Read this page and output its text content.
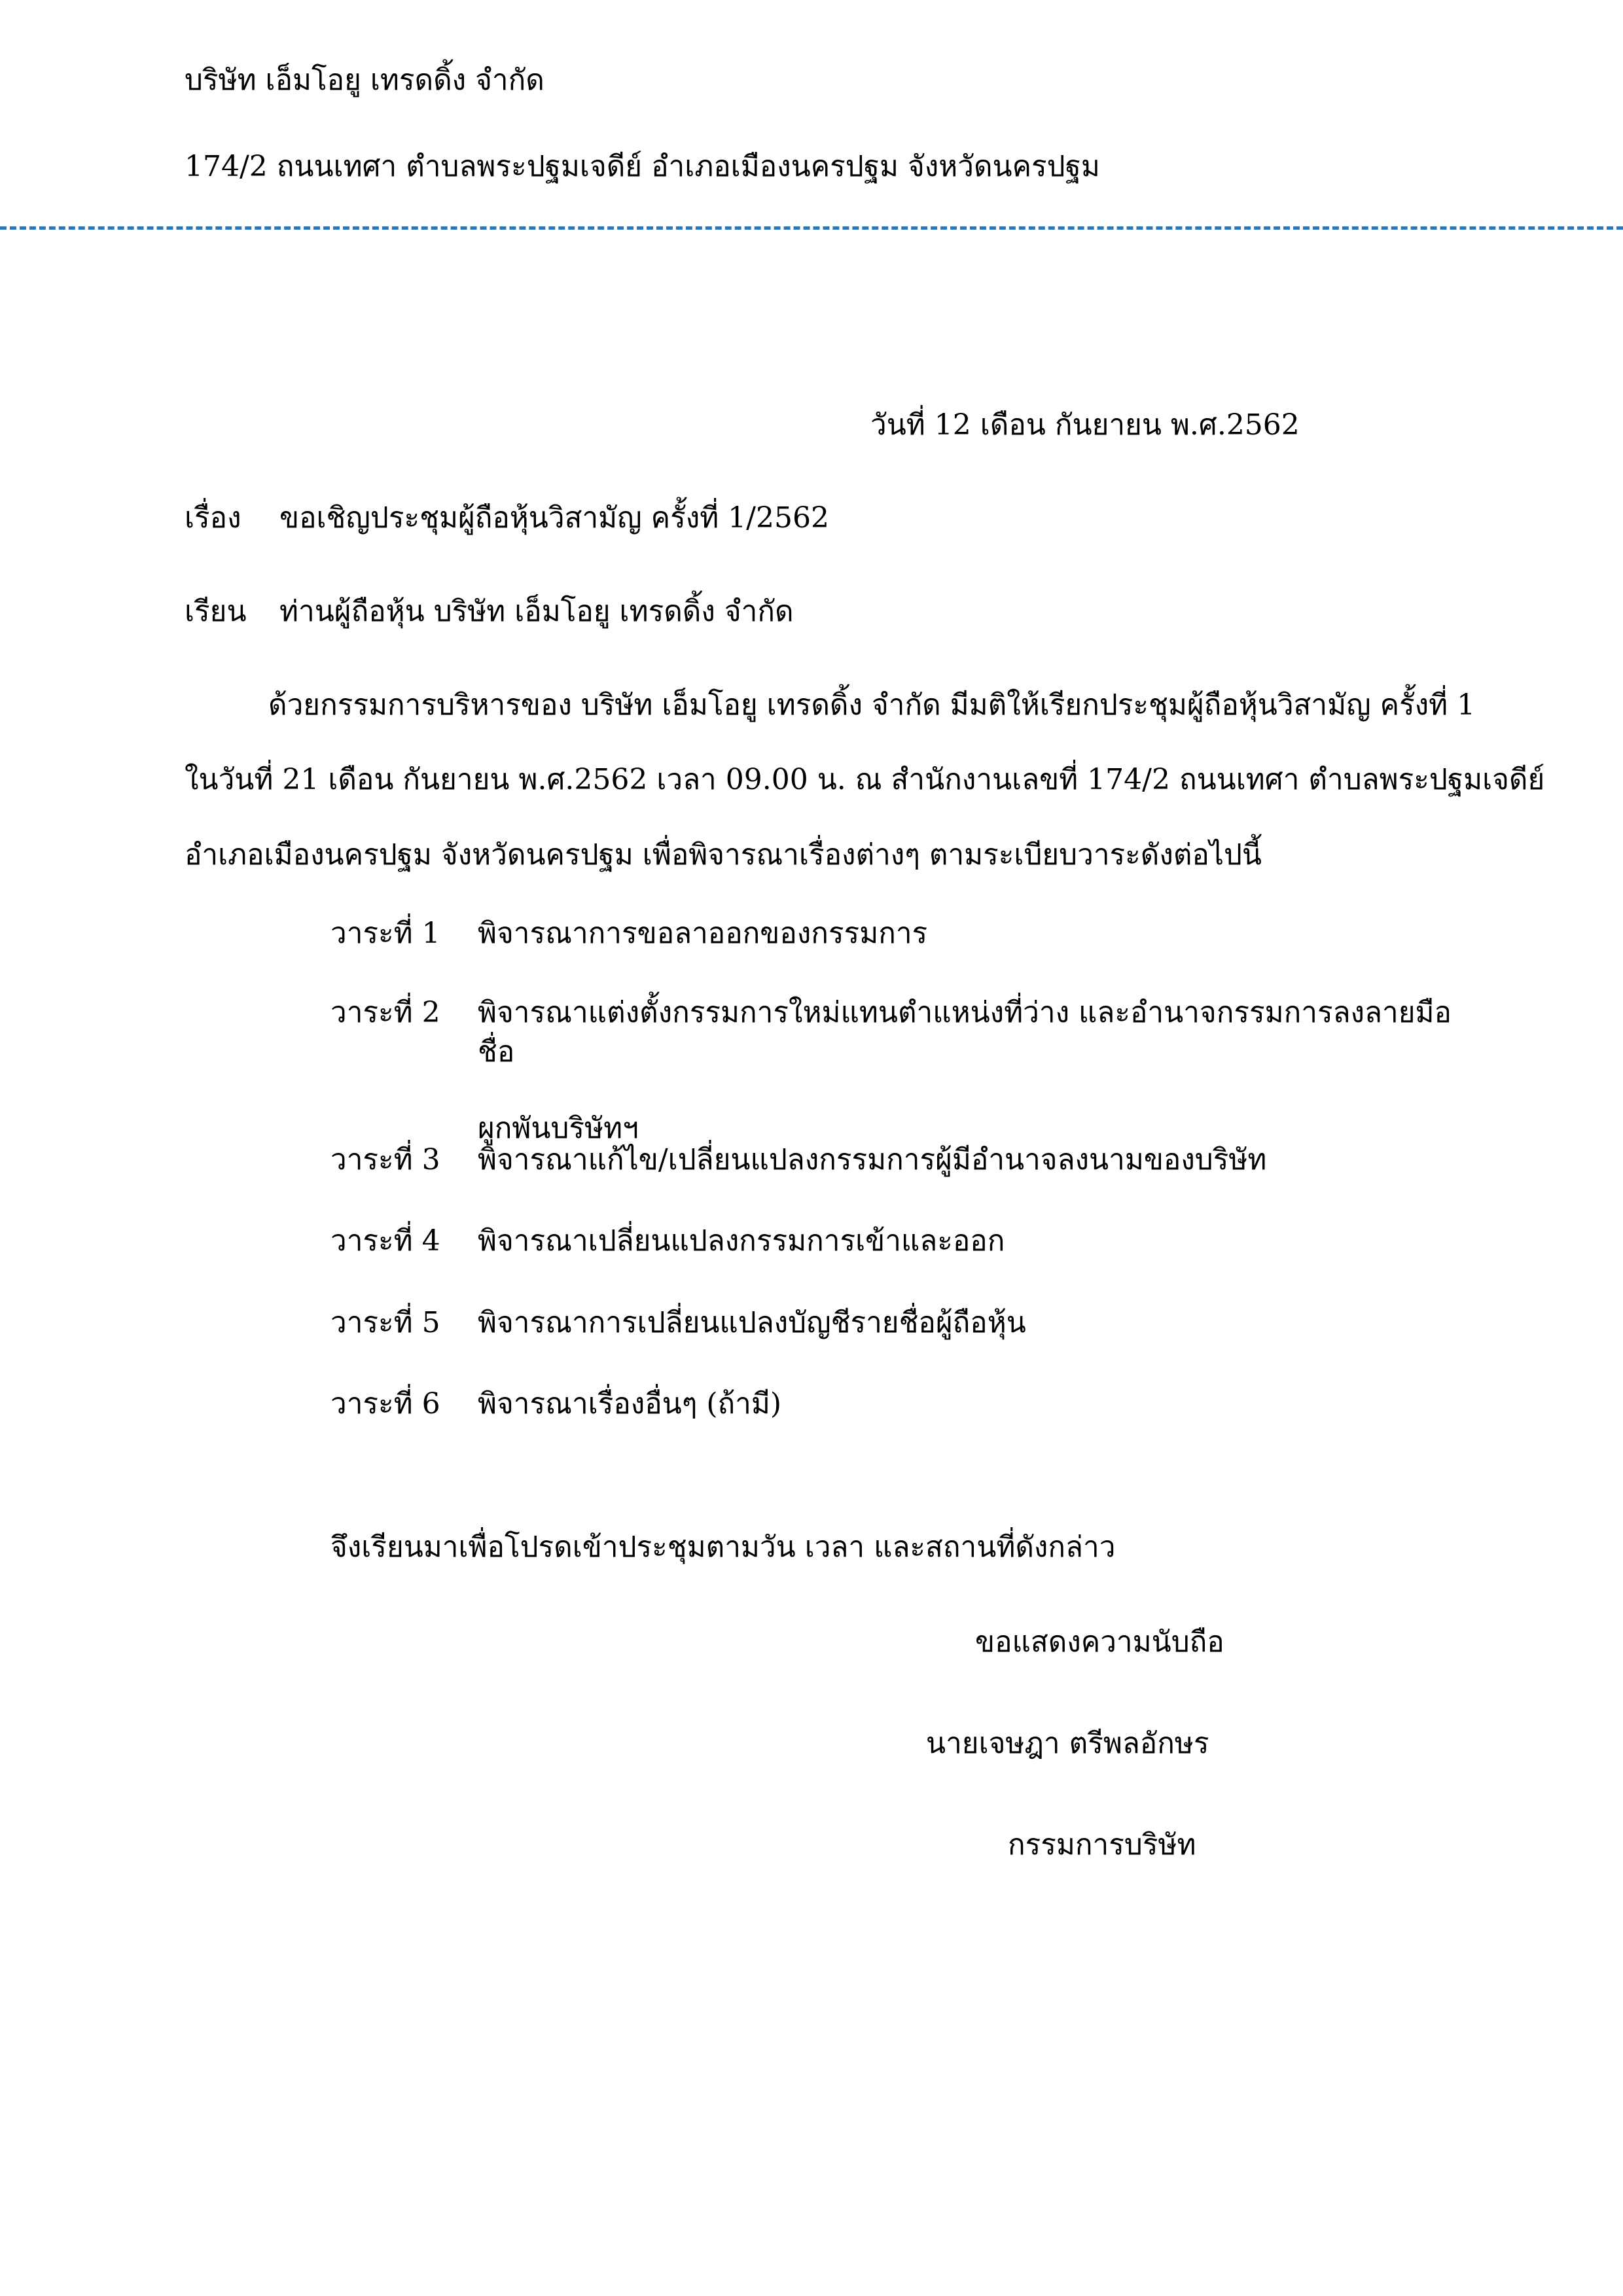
บริษัท เอ็มโอยู เทรดดิ้ง จำกัด
174/2 ถนนเทศา ตำบลพระปฐมเจดีย์ อำเภอเมืองนครปฐม จังหวัดนครปฐม
วันที่ 12 เดือน กันยายน พ.ศ.2562
เรื่อง ขอเชิญประชุมผู้ถือหุ้นวิสามัญ ครั้งที่ 1/2562
เรียน ท่านผู้ถือหุ้น บริษัท เอ็มโอยู เทรดดิ้ง จำกัด
ด้วยกรรมการบริหารของ บริษัท เอ็มโอยู เทรดดิ้ง จำกัด มีมติให้เรียกประชุมผู้ถือหุ้นวิสามัญ ครั้งที่ 1
ในวันที่ 21 เดือน กันยายน พ.ศ.2562 เวลา 09.00 น. ณ สำนักงานเลขที่ 174/2 ถนนเทศา ตำบลพระปฐมเจดีย์
อำเภอเมืองนครปฐม จังหวัดนครปฐม เพื่อพิจารณาเรื่องต่างๆ ตามระเบียบวาระดังต่อไปนี้
วาระที่ 1 พิจารณาการขอลาออกของกรรมการ
วาระที่ 2 พิจารณาแต่งตั้งกรรมการใหม่แทนตำแหน่งที่ว่าง และอำนาจกรรมการลงลายมือชื่อ
ผูกพันบริษัทฯ
วาระที่ 3 พิจารณาแก้ไข/เปลี่ยนแปลงกรรมการผู้มีอำนาจลงนามของบริษัท
วาระที่ 4 พิจารณาเปลี่ยนแปลงกรรมการเข้าและออก
วาระที่ 5 พิจารณาการเปลี่ยนแปลงบัญชีรายชื่อผู้ถือหุ้น
วาระที่ 6 พิจารณาเรื่องอื่นๆ (ถ้ามี)
จึงเรียนมาเพื่อโปรดเข้าประชุมตามวัน เวลา และสถานที่ดังกล่าว
ขอแสดงความนับถือ
นายเจษฎา ตรีพลอักษร
กรรมการบริษัท
